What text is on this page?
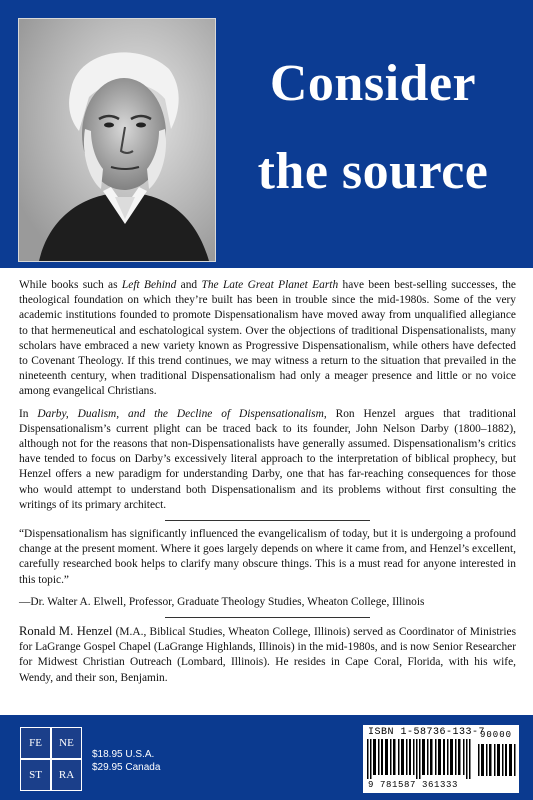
Consider
the source

While books such as Left Behind and The Late Great Planet Earth have been best-selling successes, the theological foundation on which they’re built has been in trouble since the mid-1980s. Some of the very academic institutions founded to promote Dispensationalism have moved away from unqualified allegiance to that hermeneutical and eschatological system. Over the objections of traditional Dispensationalists, many scholars have embraced a new variety known as Progressive Dispensationalism, while others have defected to Covenant Theology. If this trend continues, we may witness a return to the situation that prevailed in the nineteenth century, when traditional Dispensationalism had only a meager presence and little or no voice among evangelical Christians.

In Darby, Dualism, and the Decline of Dispensationalism, Ron Henzel argues that traditional Dispensationalism’s current plight can be traced back to its founder, John Nelson Darby (1800–1882), although not for the reasons that non-Dispensationalists have generally assumed. Dispensationalism’s critics have tended to focus on Darby’s excessively literal approach to the interpretation of biblical prophecy, but Henzel offers a new paradigm for understanding Darby, one that has far-reaching consequences for those who would attempt to understand both Dispensationalism and its problems without first consulting the writings of its primary architect.

“Dispensationalism has significantly influenced the evangelicalism of today, but it is undergoing a profound change at the present moment. Where it goes largely depends on where it came from, and Henzel’s excellent, carefully researched book helps to clarify many obscure things. This is a must read for anyone interested in this topic.”

—Dr. Walter A. Elwell, Professor, Graduate Theology Studies, Wheaton College, Illinois

Ronald M. Henzel (M.A., Biblical Studies, Wheaton College, Illinois) served as Coordinator of Ministries for LaGrange Gospel Chapel (LaGrange Highlands, Illinois) in the mid-1980s, and is now Senior Researcher for Midwest Christian Outreach (Lombard, Illinois). He resides in Cape Coral, Florida, with his wife, Wendy, and their son, Benjamin.

FE	NE
ST	RA
$18.95 U.S.A.
$29.95 Canada
ISBN 1-58736-133-7
90000
9 781587 361333
